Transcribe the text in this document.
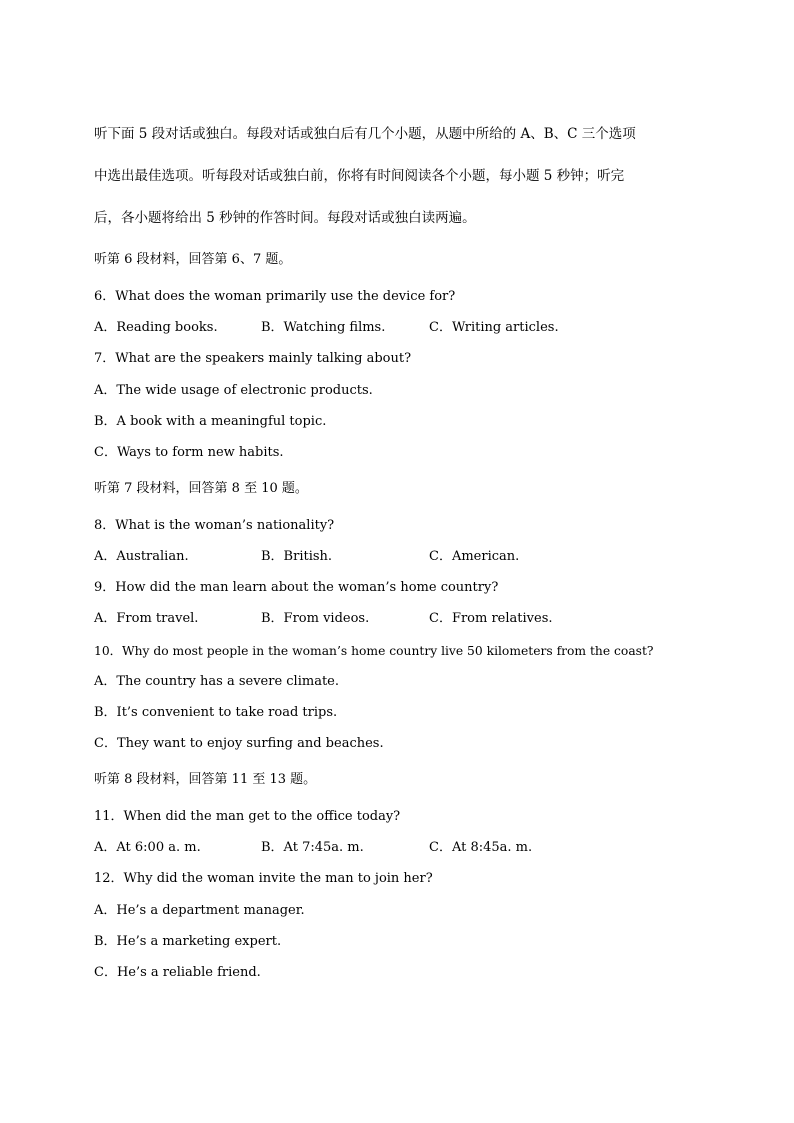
听下面 5 段对话或独白。每段对话或独白后有几个小题，从题中所给的 A、B、C 三个选项
中选出最佳选项。听每段对话或独白前，你将有时间阅读各个小题，每小题 5 秒钟；听完
后，各小题将给出 5 秒钟的作答时间。每段对话或独白读两遍。
听第 6 段材料，回答第 6、7 题。
6．What does the woman primarily use the device for?
A．Reading books.	B．Watching films.	C．Writing articles.
7．What are the speakers mainly talking about?
A．The wide usage of electronic products.
B．A book with a meaningful topic.
C．Ways to form new habits.
听第 7 段材料，回答第 8 至 10 题。
8．What is the woman’s nationality?
A．Australian.	B．British.	C．American.
9．How did the man learn about the woman’s home country?
A．From travel.	B．From videos.	C．From relatives.
10．Why do most people in the woman’s home country live 50 kilometers from the coast?
A．The country has a severe climate.
B．It’s convenient to take road trips.
C．They want to enjoy surfing and beaches.
听第 8 段材料，回答第 11 至 13 题。
11．When did the man get to the office today?
A．At 6:00 a. m.	B．At 7:45a. m.	C．At 8:45a. m.
12．Why did the woman invite the man to join her?
A．He’s a department manager.
B．He’s a marketing expert.
C．He’s a reliable friend.
